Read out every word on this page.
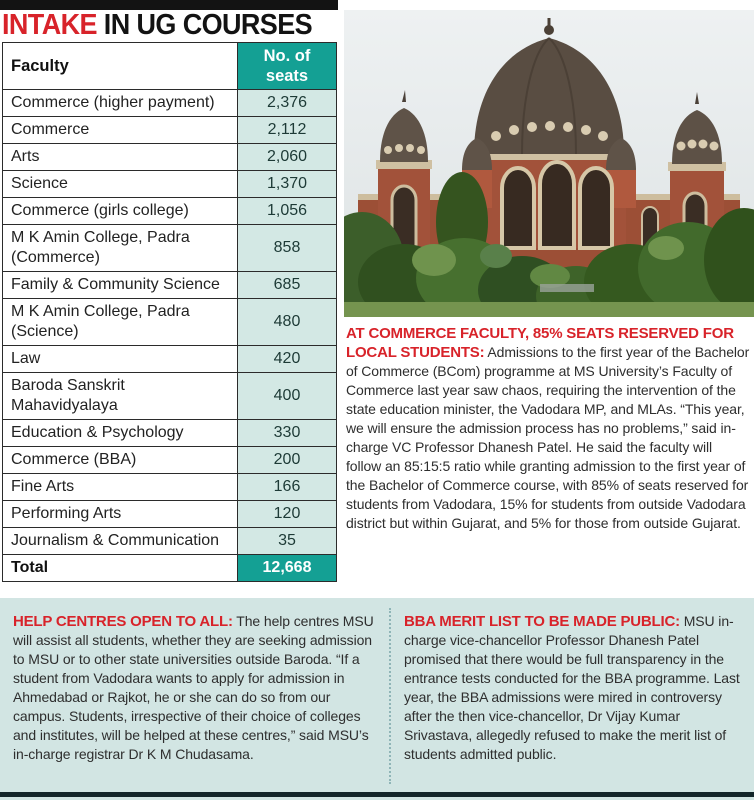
INTAKE IN UG COURSES
Faculty	No. of seats
Commerce (higher payment)	2,376
Commerce	2,112
Arts	2,060
Science	1,370
Commerce (girls college)	1,056
M K Amin College, Padra (Commerce)	858
Family & Community Science	685
M K Amin College, Padra (Science)	480
Law	420
Baroda Sanskrit Mahavidyalaya	400
Education & Psychology	330
Commerce (BBA)	200
Fine Arts	166
Performing Arts	120
Journalism & Communication	35
Total	12,668

AT COMMERCE FACULTY, 85% SEATS RESERVED FOR LOCAL STUDENTS: Admissions to the first year of the Bachelor of Commerce (BCom) programme at MS University’s Faculty of Commerce last year saw chaos, requiring the intervention of the state education minister, the Vadodara MP, and MLAs. “This year, we will ensure the admission process has no problems,” said in-charge VC Professor Dhanesh Patel. He said the faculty will follow an 85:15:5 ratio while granting admission to the first year of the Bachelor of Commerce course, with 85% of seats reserved for students from Vadodara, 15% for students from outside Vadodara district but within Gujarat, and 5% for those from outside Gujarat.

HELP CENTRES OPEN TO ALL: The help centres MSU will assist all students, whether they are seeking admission to MSU or to other state universities outside Baroda. “If a student from Vadodara wants to apply for admission in Ahmedabad or Rajkot, he or she can do so from our campus. Students, irrespective of their choice of colleges and institutes, will be helped at these centres,” said MSU’s in-charge registrar Dr K M Chudasama.

BBA MERIT LIST TO BE MADE PUBLIC: MSU in-charge vice-chancellor Professor Dhanesh Patel promised that there would be full transparency in the entrance tests conducted for the BBA programme. Last year, the BBA admissions were mired in controversy after the then vice-chancellor, Dr Vijay Kumar Srivastava, allegedly refused to make the merit list of students admitted public.
